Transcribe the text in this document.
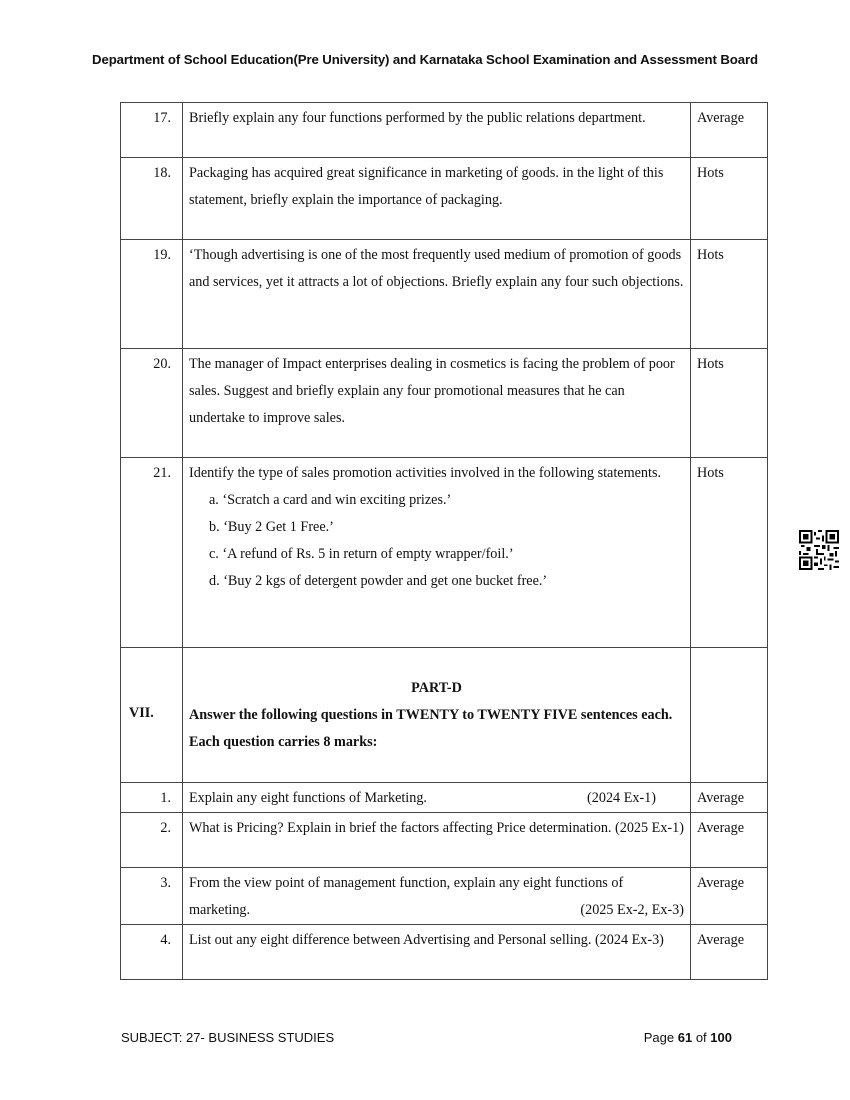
Department of School Education(Pre University) and Karnataka School Examination and Assessment Board
17.	Briefly explain any four functions performed by the public relations department.	Average
18.	Packaging has acquired great significance in marketing of goods. in the light of this statement, briefly explain the importance of packaging.	Hots
19.	‘Though advertising is one of the most frequently used medium of promotion of goods and services, yet it attracts a lot of objections. Briefly explain any four such objections.	Hots
20.	The manager of Impact enterprises dealing in cosmetics is facing the problem of poor sales. Suggest and briefly explain any four promotional measures that he can undertake to improve sales.	Hots
21.	Identify the type of sales promotion activities involved in the following statements.
a. ‘Scratch a card and win exciting prizes.’
b. ‘Buy 2 Get 1 Free.’
c. ‘A refund of Rs. 5 in return of empty wrapper/foil.’
d. ‘Buy 2 kgs of detergent powder and get one bucket free.’	Hots
VII.	PART-D
Answer the following questions in TWENTY to TWENTY FIVE sentences each. Each question carries 8 marks:	

1.	Explain any eight functions of Marketing. (2024 Ex-1)	Average
2.	What is Pricing? Explain in brief the factors affecting Price determination. (2025 Ex-1)	Average
3.	From the view point of management function, explain any eight functions of marketing. (2025 Ex-2, Ex-3)	Average
4.	List out any eight difference between Advertising and Personal selling. (2024 Ex-3)	Average
SUBJECT: 27- BUSINESS STUDIES	Page 61 of 100
